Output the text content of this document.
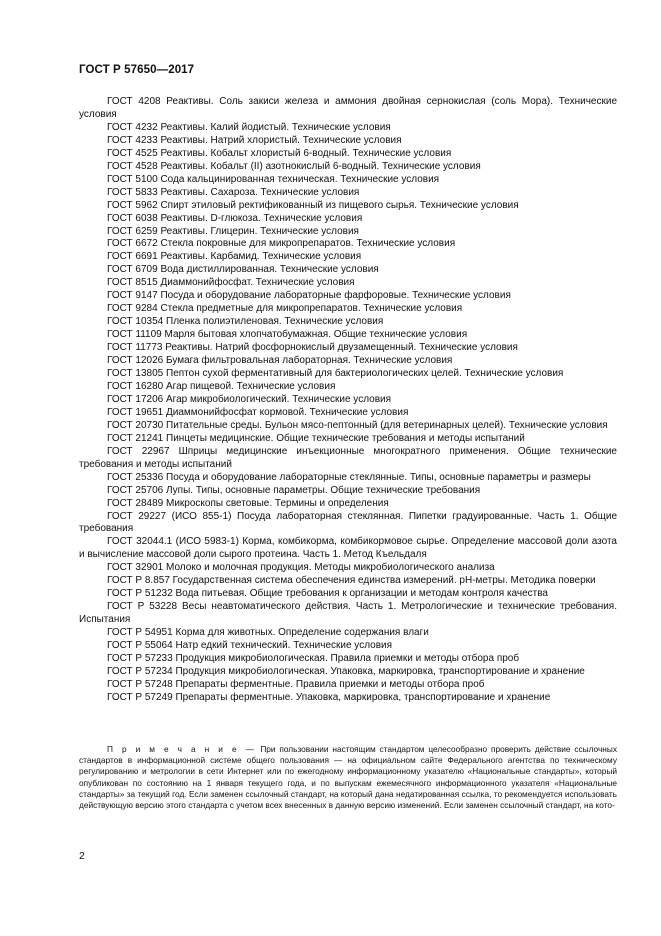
ГОСТ Р 57650—2017

ГОСТ 4208 Реактивы. Соль закиси железа и аммония двойная сернокислая (соль Мора). Технические условия

ГОСТ 4232 Реактивы. Калий йодистый. Технические условия

ГОСТ 4233 Реактивы. Натрий хлористый. Технические условия

ГОСТ 4525 Реактивы. Кобальт хлористый 6-водный. Технические условия

ГОСТ 4528 Реактивы. Кобальт (II) азотнокислый 6-водный. Технические условия

ГОСТ 5100 Сода кальцинированная техническая. Технические условия

ГОСТ 5833 Реактивы. Сахароза. Технические условия

ГОСТ 5962 Спирт этиловый ректификованный из пищевого сырья. Технические условия

ГОСТ 6038 Реактивы. D-глюкоза. Технические условия

ГОСТ 6259 Реактивы. Глицерин. Технические условия

ГОСТ 6672 Стекла покровные для микропрепаратов. Технические условия

ГОСТ 6691 Реактивы. Карбамид. Технические условия

ГОСТ 6709 Вода дистиллированная. Технические условия

ГОСТ 8515 Диаммонийфосфат. Технические условия

ГОСТ 9147 Посуда и оборудование лабораторные фарфоровые. Технические условия

ГОСТ 9284 Стекла предметные для микропрепаратов. Технические условия

ГОСТ 10354 Пленка полиэтиленовая. Технические условия

ГОСТ 11109 Марля бытовая хлопчатобумажная. Общие технические условия

ГОСТ 11773 Реактивы. Натрий фосфорнокислый двузамещенный. Технические условия

ГОСТ 12026 Бумага фильтровальная лабораторная. Технические условия

ГОСТ 13805 Пептон сухой ферментативный для бактериологических целей. Технические условия

ГОСТ 16280 Агар пищевой. Технические условия

ГОСТ 17206 Агар микробиологический. Технические условия

ГОСТ 19651 Диаммонийфосфат кормовой. Технические условия

ГОСТ 20730 Питательные среды. Бульон мясо-пептонный (для ветеринарных целей). Технические условия

ГОСТ 21241 Пинцеты медицинские. Общие технические требования и методы испытаний

ГОСТ 22967 Шприцы медицинские инъекционные многократного применения. Общие технические требования и методы испытаний

ГОСТ 25336 Посуда и оборудование лабораторные стеклянные. Типы, основные параметры и размеры

ГОСТ 25706 Лупы. Типы, основные параметры. Общие технические требования

ГОСТ 28489 Микроскопы световые. Термины и определения

ГОСТ 29227 (ИСО 855-1) Посуда лабораторная стеклянная. Пипетки градуированные. Часть 1. Общие требования

ГОСТ 32044.1 (ИСО 5983-1) Корма, комбикорма, комбикормовое сырье. Определение массовой доли азота и вычисление массовой доли сырого протеина. Часть 1. Метод Къельдаля

ГОСТ 32901 Молоко и молочная продукция. Методы микробиологического анализа

ГОСТ Р 8.857 Государственная система обеспечения единства измерений. pH-метры. Методика поверки

ГОСТ Р 51232 Вода питьевая. Общие требования к организации и методам контроля качества

ГОСТ Р 53228 Весы неавтоматического действия. Часть 1. Метрологические и технические требования. Испытания

ГОСТ Р 54951 Корма для животных. Определение содержания влаги

ГОСТ Р 55064 Натр едкий технический. Технические условия

ГОСТ Р 57233 Продукция микробиологическая. Правила приемки и методы отбора проб

ГОСТ Р 57234 Продукция микробиологическая. Упаковка, маркировка, транспортирование и хранение

ГОСТ Р 57248 Препараты ферментные. Правила приемки и методы отбора проб

ГОСТ Р 57249 Препараты ферментные. Упаковка, маркировка, транспортирование и хранение

П р и м е ч а н и е — При пользовании настоящим стандартом целесообразно проверить действие ссылочных стандартов в информационной системе общего пользования — на официальном сайте Федерального агентства по техническому регулированию и метрологии в сети Интернет или по ежегодному информационному указателю «Национальные стандарты», который опубликован по состоянию на 1 января текущего года, и по выпускам ежемесячного информационного указателя «Национальные стандарты» за текущий год. Если заменен ссылочный стандарт, на который дана недатированная ссылка, то рекомендуется использовать действующую версию этого стандарта с учетом всех внесенных в данную версию изменений. Если заменен ссылочный стандарт, на кото-

2
